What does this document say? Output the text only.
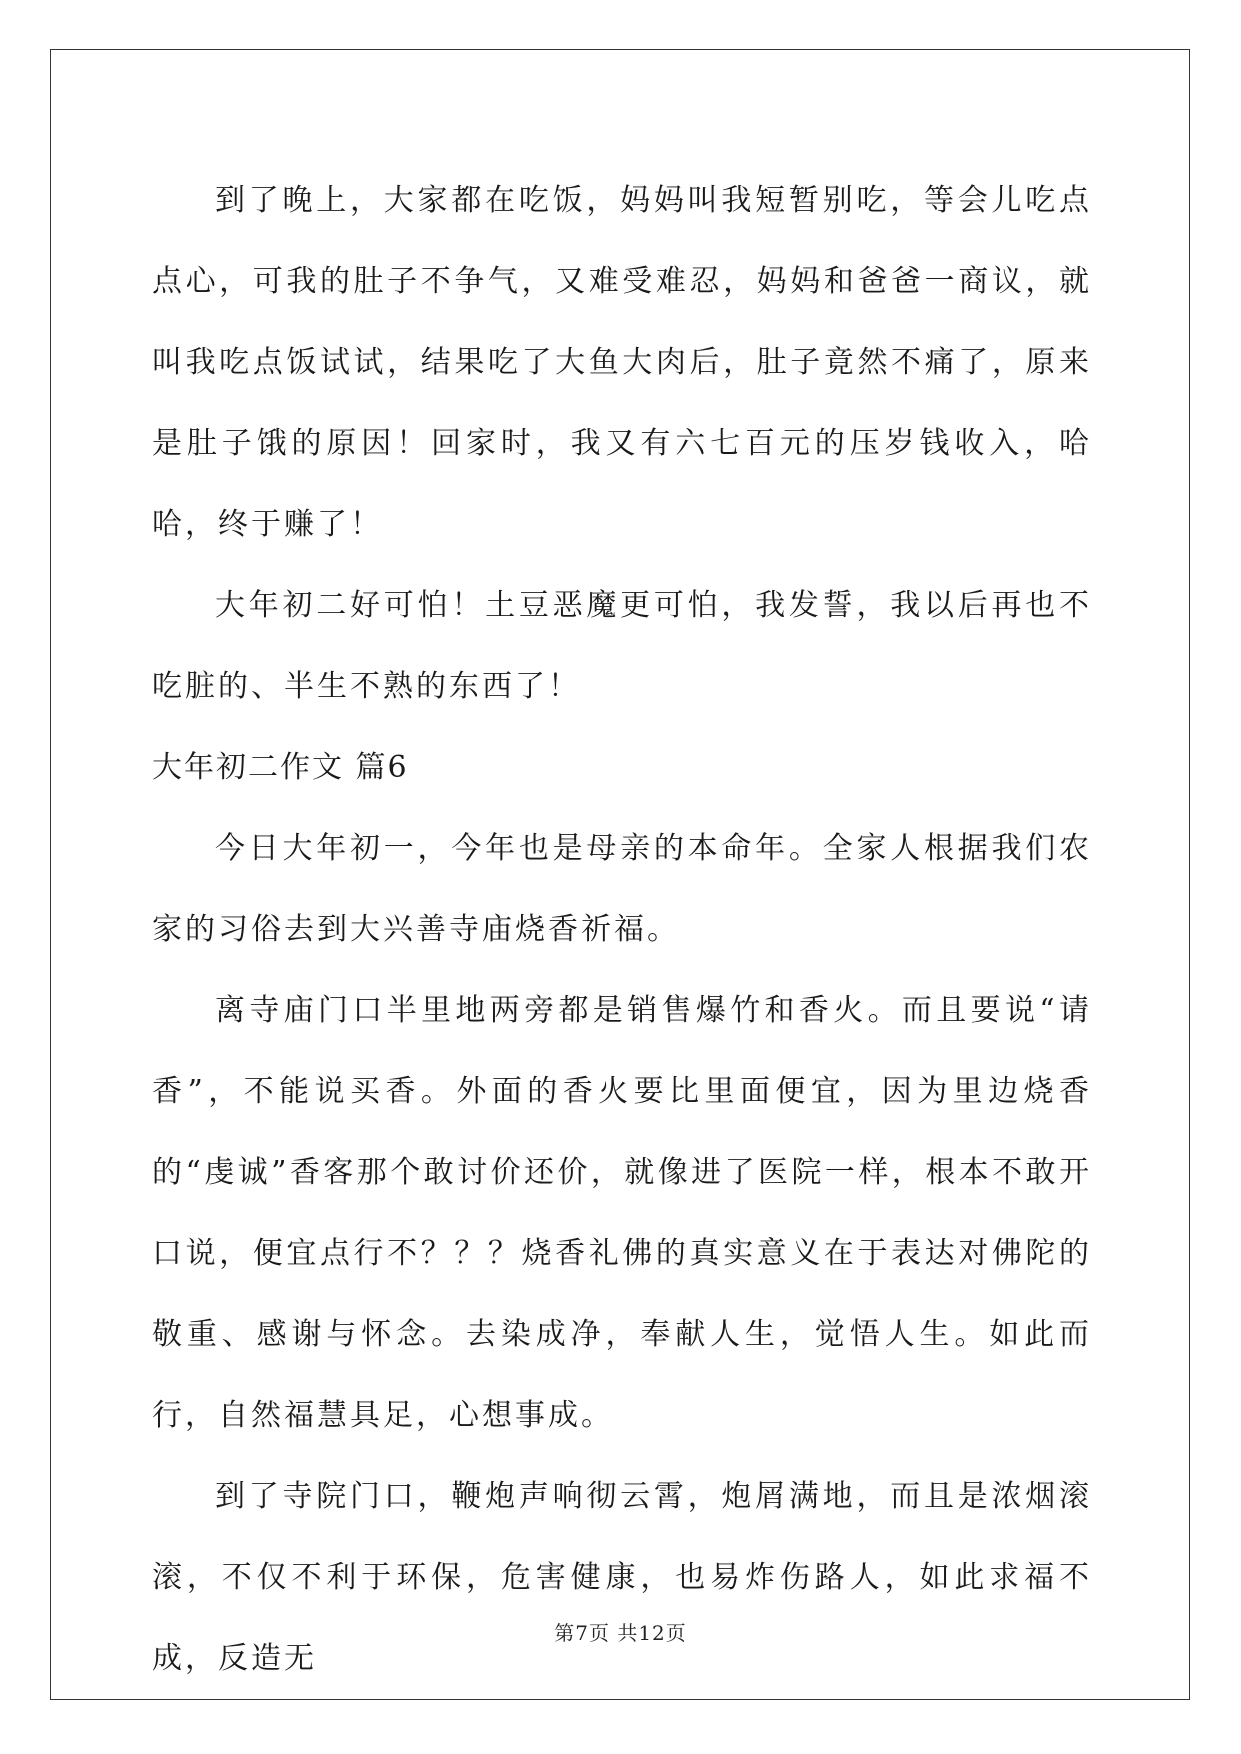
到了晚上，大家都在吃饭，妈妈叫我短暂别吃，等会儿吃点点心，可我的肚子不争气，又难受难忍，妈妈和爸爸一商议，就叫我吃点饭试试，结果吃了大鱼大肉后，肚子竟然不痛了，原来是肚子饿的原因！回家时，我又有六七百元的压岁钱收入，哈哈，终于赚了！

大年初二好可怕！土豆恶魔更可怕，我发誓，我以后再也不吃脏的、半生不熟的东西了！

大年初二作文 篇6

今日大年初一，今年也是母亲的本命年。全家人根据我们农家的习俗去到大兴善寺庙烧香祈福。

离寺庙门口半里地两旁都是销售爆竹和香火。而且要说“请香”，不能说买香。外面的香火要比里面便宜，因为里边烧香的“虔诚”香客那个敢讨价还价，就像进了医院一样，根本不敢开口说，便宜点行不？？？烧香礼佛的真实意义在于表达对佛陀的敬重、感谢与怀念。去染成净，奉献人生，觉悟人生。如此而行，自然福慧具足，心想事成。

到了寺院门口，鞭炮声响彻云霄，炮屑满地，而且是浓烟滚滚，不仅不利于环保，危害健康，也易炸伤路人，如此求福不成，反造无

第7页 共12页
